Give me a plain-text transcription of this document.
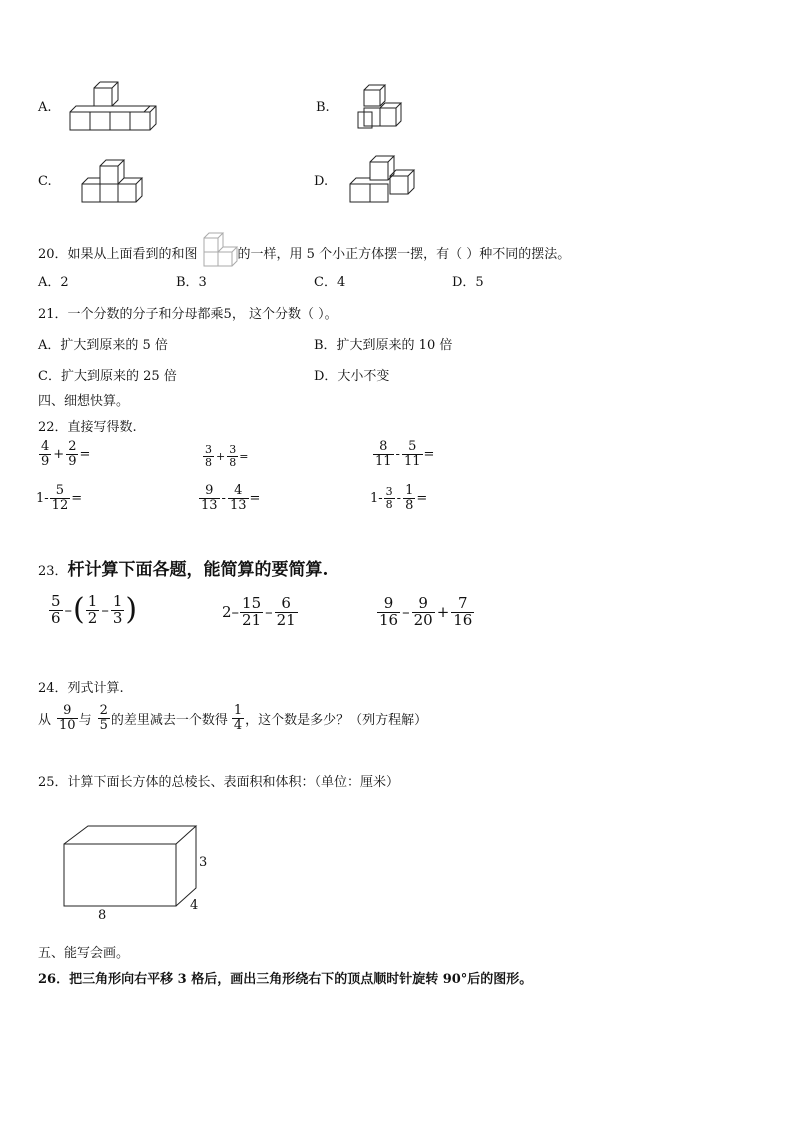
A.	B.
C.	D.
20．如果从上面看到的和图	的一样，用 5 个小正方体摆一摆，有（ ）种不同的摆法。
A．2	B．3	C．4	D．5
21．一个分数的分子和分母都乘5， 这个分数（ ）。
A．扩大到原来的 5 倍	B．扩大到原来的 10 倍
C．扩大到原来的 25 倍	D．大小不变
四、细想快算。
22．直接写得数.
$\frac{4}{9} + \frac{2}{9}$ =	$\frac{3}{8} + \frac{3}{8}$ =	$\frac{8}{11} - \frac{5}{11}$ =
$1- \frac{5}{12}$ =	$\frac{9}{13} - \frac{4}{13}$ =	$1- \frac{3}{8} - \frac{1}{8}$ =
23． 杆计算下面各题，能简算的要简算.
$\frac{5}{6}$ – ( $\frac{1}{2} - \frac{1}{3}$ )	$2- \frac{15}{21} - \frac{6}{21}$	$\frac{9}{16} - \frac{9}{20} + \frac{7}{16}$
24．列式计算.
从 $\frac{9}{10}$ 与 $\frac{2}{5}$ 的差里减去一个数得 $\frac{1}{4}$ ，这个数是多少？（列方程解）
25．计算下面长方体的总棱长、表面积和体积：（单位：厘米）
8
3
4
五、能写会画。
26．把三角形向右平移 3 格后，画出三角形绕右下的顶点顺时针旋转 90°后的图形。
